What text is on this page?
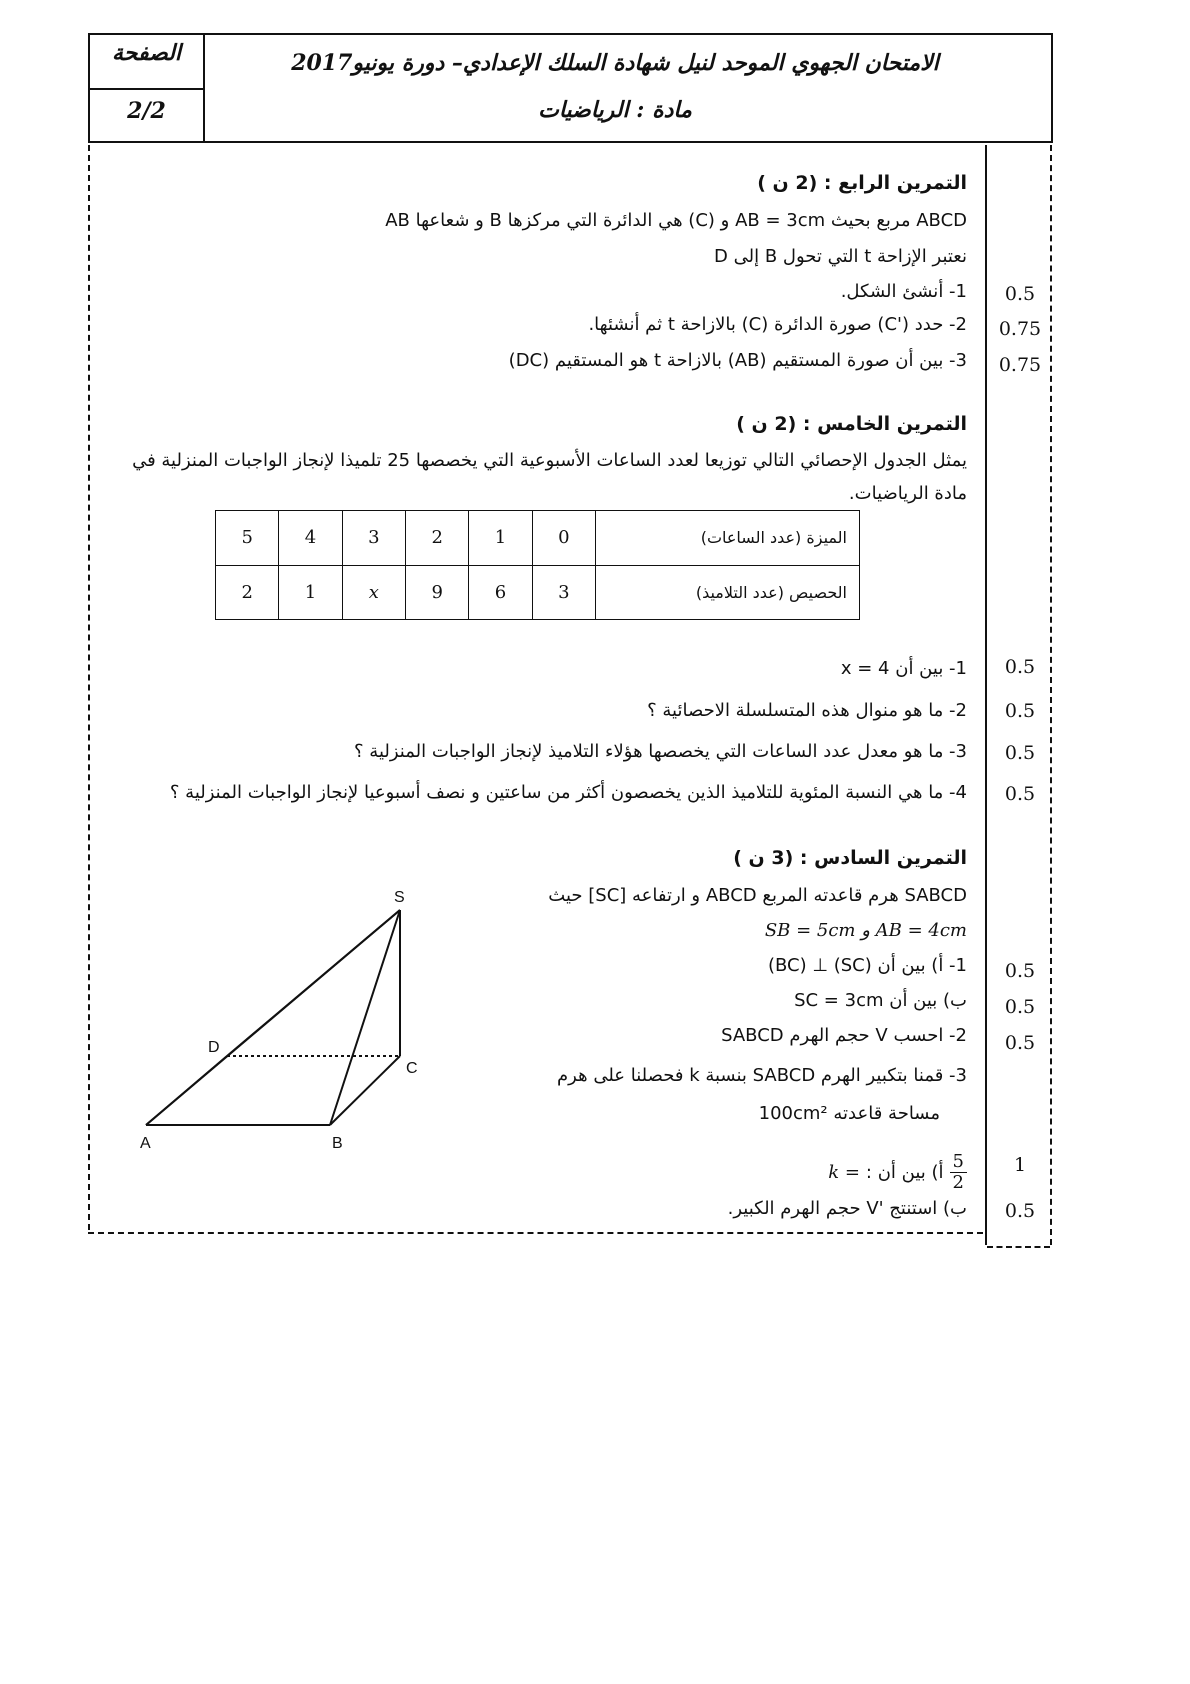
الصفحة
2/2
الامتحان الجهوي الموحد لنيل شهادة السلك الإعدادي– دورة يونيو2017
مادة : الرياضيات
التمرين الرابع : (2 ن )
ABCD مربع بحيث AB = 3cm و (C) هي الدائرة التي مركزها B و شعاعها AB
نعتبر الإزاحة t التي تحول B إلى D
1- أنشئ الشكل.	0.5
2- حدد ('C) صورة الدائرة (C) بالازاحة t ثم أنشئها.	0.75
3- بين أن صورة المستقيم (AB) بالازاحة t هو المستقيم (DC)	0.75
التمرين الخامس : (2 ن )
يمثل الجدول الإحصائي التالي توزيعا لعدد الساعات الأسبوعية التي يخصصها 25 تلميذا لإنجاز الواجبات المنزلية في
مادة الرياضيات.
الميزة (عدد الساعات)	0	1	2	3	4	5
الحصيص (عدد التلاميذ)	3	6	9	x	1	2
1- بين أن x = 4	0.5
2- ما هو منوال هذه المتسلسلة الاحصائية ؟	0.5
3- ما هو معدل عدد الساعات التي يخصصها هؤلاء التلاميذ لإنجاز الواجبات المنزلية ؟	0.5
4- ما هي النسبة المئوية للتلاميذ الذين يخصصون أكثر من ساعتين و نصف أسبوعيا لإنجاز الواجبات المنزلية ؟	0.5
التمرين السادس : (3 ن )
SABCD هرم قاعدته المربع ABCD و ارتفاعه [SC] حيث
AB = 4cm و SB = 5cm
1- أ) بين أن (SC) ⊥ (BC)	0.5
ب) بين أن SC = 3cm	0.5
2- احسب V حجم الهرم SABCD	0.5
3- قمنا بتكبير الهرم SABCD بنسبة k فحصلنا على هرم
مساحة قاعدته 100cm²
أ) بين أن :
k =	$\frac{5}{2}$	1
ب) استنتج 'V حجم الهرم الكبير.	0.5
S
A	B
C
D
